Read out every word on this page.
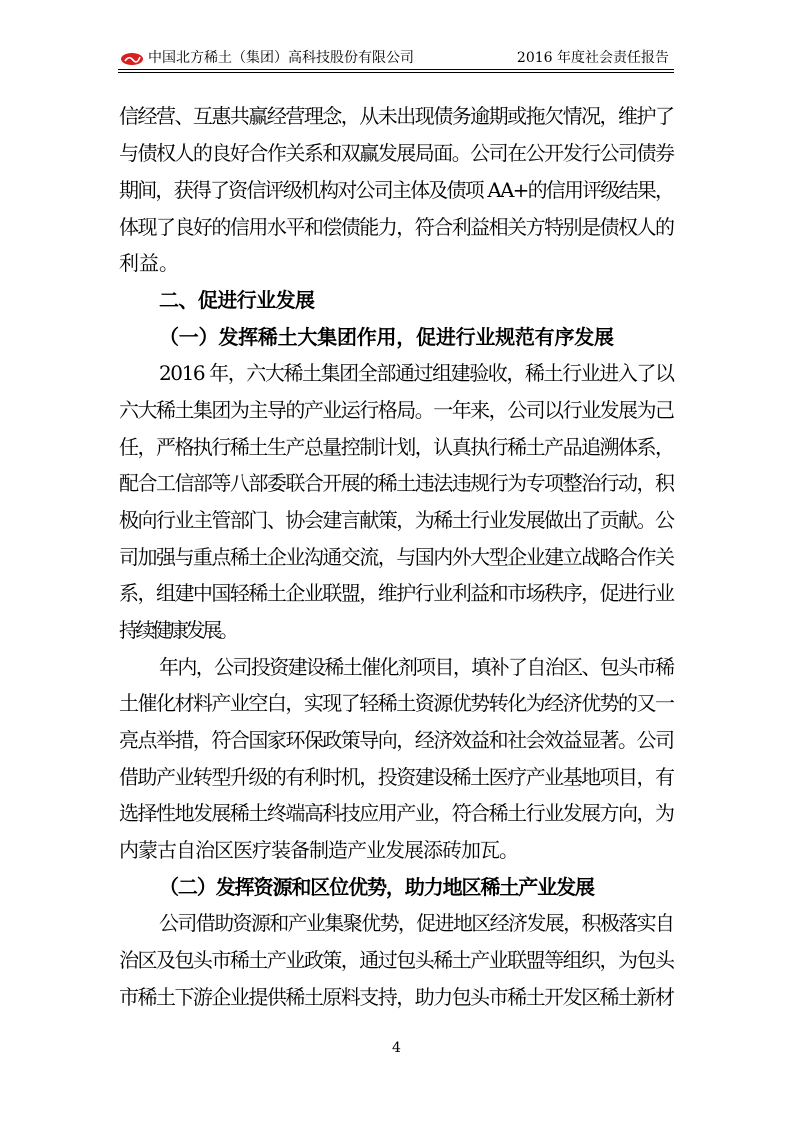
中国北方稀土（集团）高科技股份有限公司	2016 年度社会责任报告
信经营、互惠共赢经营理念，从未出现债务逾期或拖欠情况，维护了
与债权人的良好合作关系和双赢发展局面。公司在公开发行公司债券
期间，获得了资信评级机构对公司主体及债项 AA+的信用评级结果，
体现了良好的信用水平和偿债能力，符合利益相关方特别是债权人的
利益。
二、促进行业发展
（一）发挥稀土大集团作用，促进行业规范有序发展
2016 年，六大稀土集团全部通过组建验收，稀土行业进入了以
六大稀土集团为主导的产业运行格局。一年来，公司以行业发展为己
任，严格执行稀土生产总量控制计划，认真执行稀土产品追溯体系，
配合工信部等八部委联合开展的稀土违法违规行为专项整治行动，积
极向行业主管部门、协会建言献策，为稀土行业发展做出了贡献。公
司加强与重点稀土企业沟通交流，与国内外大型企业建立战略合作关
系，组建中国轻稀土企业联盟，维护行业利益和市场秩序，促进行业
持续健康发展。
年内，公司投资建设稀土催化剂项目，填补了自治区、包头市稀
土催化材料产业空白，实现了轻稀土资源优势转化为经济优势的又一
亮点举措，符合国家环保政策导向，经济效益和社会效益显著。公司
借助产业转型升级的有利时机，投资建设稀土医疗产业基地项目，有
选择性地发展稀土终端高科技应用产业，符合稀土行业发展方向，为
内蒙古自治区医疗装备制造产业发展添砖加瓦。
（二）发挥资源和区位优势，助力地区稀土产业发展
公司借助资源和产业集聚优势，促进地区经济发展，积极落实自
治区及包头市稀土产业政策，通过包头稀土产业联盟等组织，为包头
市稀土下游企业提供稀土原料支持，助力包头市稀土开发区稀土新材
4
